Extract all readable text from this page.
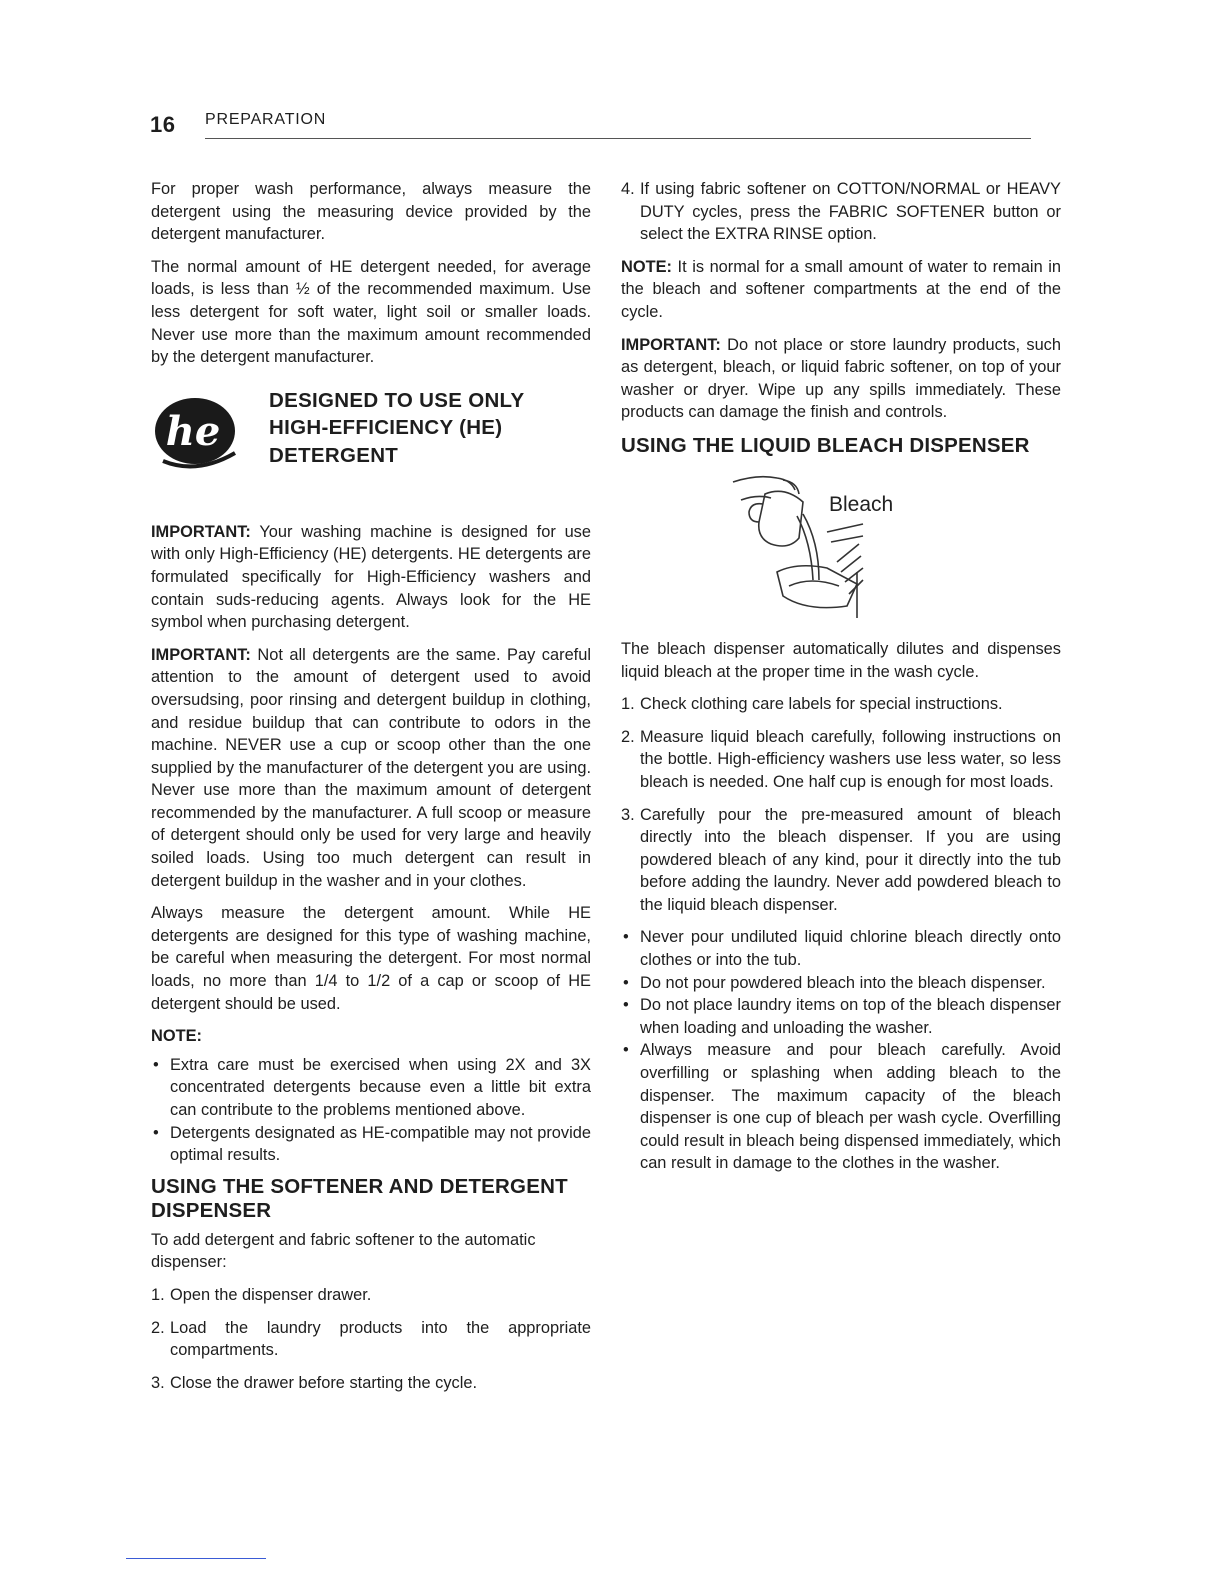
16 PREPARATION

For proper wash performance, always measure the detergent using the measuring device provided by the detergent manufacturer.

The normal amount of HE detergent needed, for average loads, is less than ½ of the recommended maximum. Use less detergent for soft water, light soil or smaller loads. Never use more than the maximum amount recommended by the detergent manufacturer.

he
DESIGNED TO USE ONLY
HIGH-EFFICIENCY (HE)
DETERGENT

IMPORTANT: Your washing machine is designed for use with only High-Efficiency (HE) detergents. HE detergents are formulated specifically for High-Efficiency washers and contain suds-reducing agents. Always look for the HE symbol when purchasing detergent.

IMPORTANT: Not all detergents are the same. Pay careful attention to the amount of detergent used to avoid oversudsing, poor rinsing and detergent buildup in clothing, and residue buildup that can contribute to odors in the machine. NEVER use a cup or scoop other than the one supplied by the manufacturer of the detergent you are using. Never use more than the maximum amount of detergent recommended by the manufacturer. A full scoop or measure of detergent should only be used for very large and heavily soiled loads. Using too much detergent can result in detergent buildup in the washer and in your clothes.

Always measure the detergent amount. While HE detergents are designed for this type of washing machine, be careful when measuring the detergent. For most normal loads, no more than 1/4 to 1/2 of a cap or scoop of HE detergent should be used.

NOTE:
• Extra care must be exercised when using 2X and 3X concentrated detergents because even a little bit extra can contribute to the problems mentioned above.
• Detergents designated as HE-compatible may not provide optimal results.
USING THE SOFTENER AND DETERGENT DISPENSER

To add detergent and fabric softener to the automatic dispenser:

1. Open the dispenser drawer.
2. Load the laundry products into the appropriate compartments.
3. Close the drawer before starting the cycle.
4. If using fabric softener on COTTON/NORMAL or HEAVY DUTY cycles, press the FABRIC SOFTENER button or select the EXTRA RINSE option.

NOTE: It is normal for a small amount of water to remain in the bleach and softener compartments at the end of the cycle.

IMPORTANT: Do not place or store laundry products, such as detergent, bleach, or liquid fabric softener, on top of your washer or dryer. Wipe up any spills immediately. These products can damage the finish and controls.

USING THE LIQUID BLEACH DISPENSER
Bleach

The bleach dispenser automatically dilutes and dispenses liquid bleach at the proper time in the wash cycle.

1. Check clothing care labels for special instructions.
2. Measure liquid bleach carefully, following instructions on the bottle. High-efficiency washers use less water, so less bleach is needed. One half cup is enough for most loads.
3. Carefully pour the pre-measured amount of bleach directly into the bleach dispenser. If you are using powdered bleach of any kind, pour it directly into the tub before adding the laundry. Never add powdered bleach to the liquid bleach dispenser.
• Never pour undiluted liquid chlorine bleach directly onto clothes or into the tub.
• Do not pour powdered bleach into the bleach dispenser.
• Do not place laundry items on top of the bleach dispenser when loading and unloading the washer.
• Always measure and pour bleach carefully. Avoid overfilling or splashing when adding bleach to the dispenser. The maximum capacity of the bleach dispenser is one cup of bleach per wash cycle. Overfilling could result in bleach being dispensed immediately, which can result in damage to the clothes in the washer.
